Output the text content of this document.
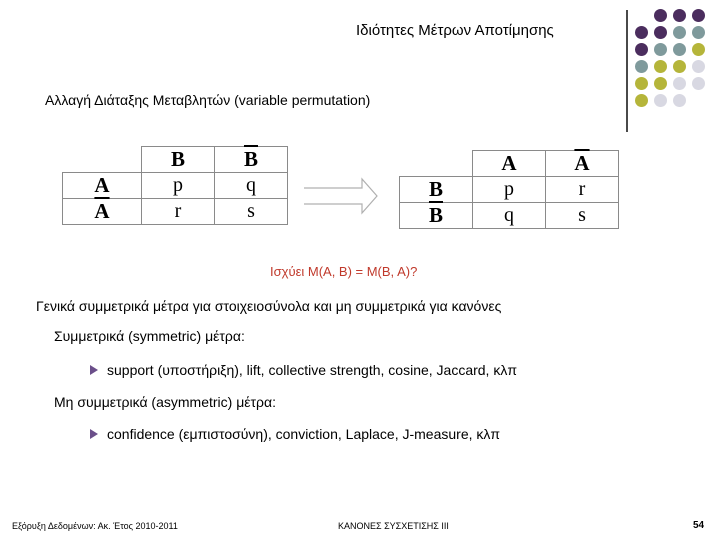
Ιδιότητες Μέτρων Αποτίμησης
Αλλαγή Διάταξης Μεταβλητών (variable permutation)
	B	$\overline{B}$
A	p	q
$\overline{A}$	r	s
	A	$\overline{A}$
B	p	r
$\overline{B}$	q	s
Ισχύει M(A, B) = M(B, A)?
Γενικά συμμετρικά μέτρα για στοιχειοσύνολα και μη συμμετρικά για κανόνες
Συμμετρικά (symmetric) μέτρα:
support (υποστήριξη), lift, collective strength, cosine, Jaccard, κλπ
Μη συμμετρικά (asymmetric) μέτρα:
confidence (εμπιστοσύνη), conviction, Laplace, J-measure, κλπ
Εξόρυξη Δεδομένων: Ακ. Έτος 2010-2011	ΚΑΝΟΝΕΣ ΣΥΣΧΕΤΙΣΗΣ ΙΙΙ	54
